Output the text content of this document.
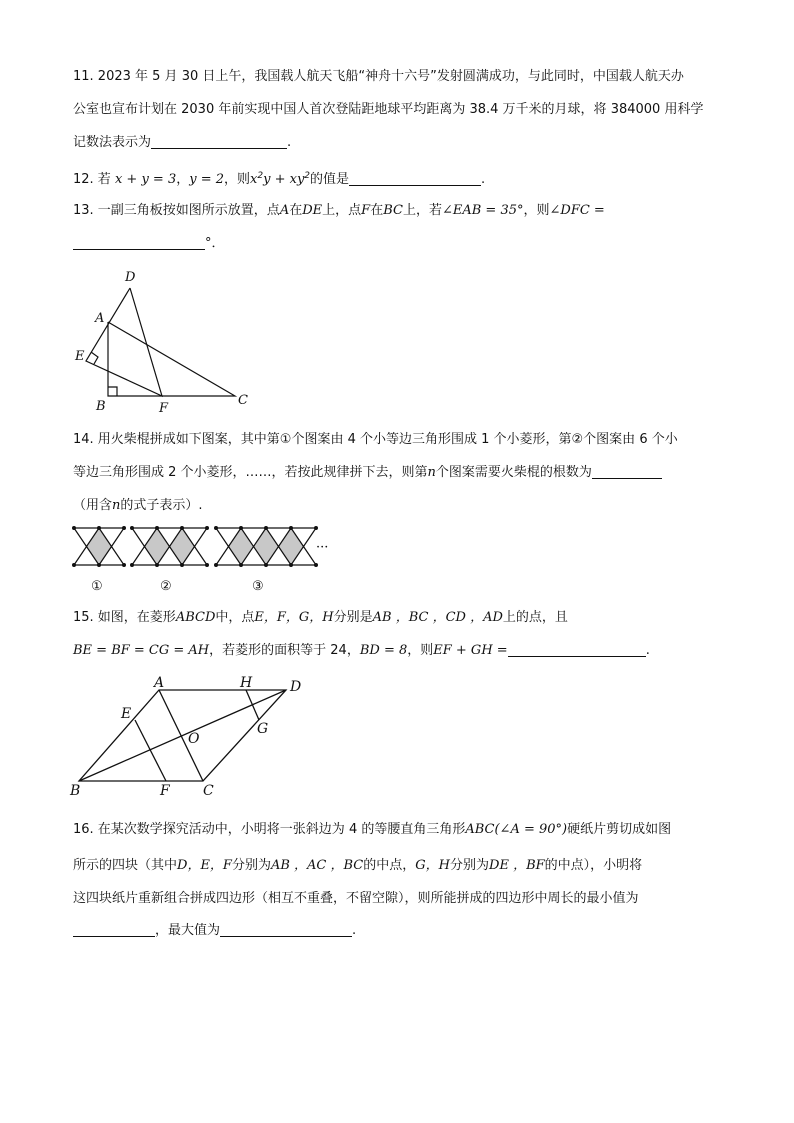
11. 2023 年 5 月 30 日上午，我国载人航天飞船“神舟十六号”发射圆满成功，与此同时，中国载人航天办
公室也宣布计划在 2030 年前实现中国人首次登陆距地球平均距离为 38.4 万千米的月球，将 384000 用科学
记数法表示为	.
12. 若 x + y = 3，y = 2，则$x^2y + xy^2$的值是	.
13. 一副三角板按如图所示放置，点A在DE上，点F在BC上，若∠EAB = 35°，则∠DFC =
°．
D
A
E
B	F
C
14. 用火柴棍拼成如下图案，其中第①个图案由 4 个小等边三角形围成 1 个小菱形，第②个图案由 6 个小
等边三角形围成 2 个小菱形，……，若按此规律拼下去，则第n个图案需要火柴棍的根数为
（用含n的式子表示）.
···
①	②	③
15. 如图，在菱形ABCD中，点E，F，G，H分别是AB ，BC ，CD ，AD上的点，且
BE = BF = CG = AH，若菱形的面积等于 24，BD = 8，则EF + GH =	.
A	H	D
E
O
G
B	F C
16. 在某次数学探究活动中，小明将一张斜边为 4 的等腰直角三角形ABC(∠A = 90°)硬纸片剪切成如图
所示的四块（其中D，E，F分别为AB ，AC ，BC的中点，G，H分别为DE ，BF的中点），小明将
这四块纸片重新组合拼成四边形（相互不重叠，不留空隙），则所能拼成的四边形中周长的最小值为
，最大值为	.
